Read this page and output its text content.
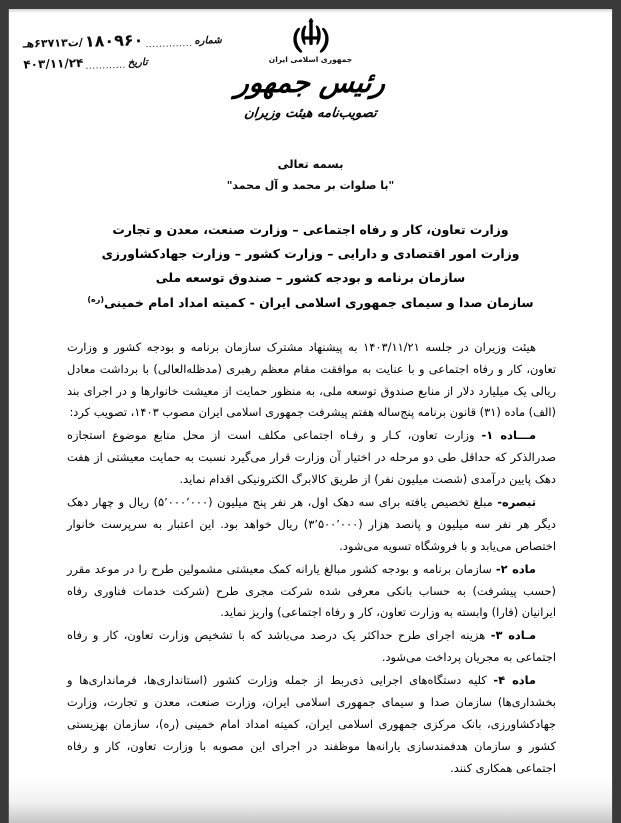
شماره
..............
۱۸۰۹۶۰
/ت۶۳۷۱۳هـ
تاریخ
............
۴۰۳/۱۱/۲۴	جمهوری اسلامی ایران
رئیس جمهور
تصویب‌نامه هیئت وزیران
بسمه تعالی
"با صلوات بر محمد و آل محمد"
وزارت تعاون، کار و رفاه اجتماعی – وزارت صنعت، معدن و تجارت
وزارت امور اقتصادی و دارایی – وزارت کشور – وزارت جهادکشاورزی
سازمان برنامه و بودجه کشور – صندوق توسعه ملی
سازمان صدا و سیمای جمهوری اسلامی ایران - کمیته امداد امام خمینی$^{(ره)}$

هیئت وزیران در جلسه ۱۴۰۳/۱۱/۲۱ به پیشنهاد مشترک سازمان برنامه و بودجه کشور و وزارت تعاون، کار و رفاه اجتماعی و با عنایت به موافقت مقام معظم رهبری (مدظله‌العالی) با برداشت معادل ریالی یک میلیارد دلار از منابع صندوق توسعه ملی، به منظور حمایت از معیشت خانوارها و در اجرای بند (الف) ماده (۳۱) قانون برنامه پنج‌ساله هفتم پیشرفت جمهوری اسلامی ایران مصوب ۱۴۰۳، تصویب کرد:

مـــاده ۱- وزارت تعاون، کـار و رفـاه اجتماعی مکلف است از محل منابع موضوع استجازه صدرالذکر که حداقل طی دو مرحله در اختیار آن وزارت قرار می‌گیرد نسبت به حمایت معیشتی از هفت دهک پایین درآمدی (شصت میلیون نفر) از طریق کالابرگ الکترونیکی اقدام نماید.

تبصره- مبلغ تخصیص یافته برای سه دهک اول، هر نفر پنج میلیون (۵٬۰۰۰٬۰۰۰) ریال و چهار دهک دیگر هر نفر سه میلیون و پانصد هزار (۳٬۵۰۰٬۰۰۰) ریال خواهد بود. این اعتبار به سرپرست خانوار اختصاص می‌یابد و با فروشگاه تسویه می‌شود.

ماده ۲- سازمان برنامه و بودجه کشور مبالغ یارانه کمک معیشتی مشمولین طرح را در موعد مقرر (حسب پیشرفت) به حساب بانکی معرفی شده شرکت مجری طرح (شرکت خدمات فناوری رفاه ایرانیان (فارا) وابسته به وزارت تعاون، کار و رفاه اجتماعی) واریز نماید.

مـاده ۳- هزینه اجرای طرح حداکثر یک درصد می‌باشد که با تشخیص وزارت تعاون، کار و رفاه اجتماعی به مجریان پرداخت می‌شود.

ماده ۴- کلیه دستگاه‌های اجرایی ذی‌ربط از جمله وزارت کشور (استانداری‌ها، فرمانداری‌ها و بخشداری‌ها) سازمان صدا و سیمای جمهوری اسلامی ایران، وزارت صنعت، معدن و تجارت، وزارت جهادکشاورزی، بانک مرکزی جمهوری اسلامی ایران، کمیته امداد امام خمینی (ره)، سازمان بهزیستی کشور و سازمان هدفمندسازی یارانه‌ها موظفند در اجرای این مصوبه با وزارت تعاون، کار و رفاه اجتماعی همکاری کنند.
